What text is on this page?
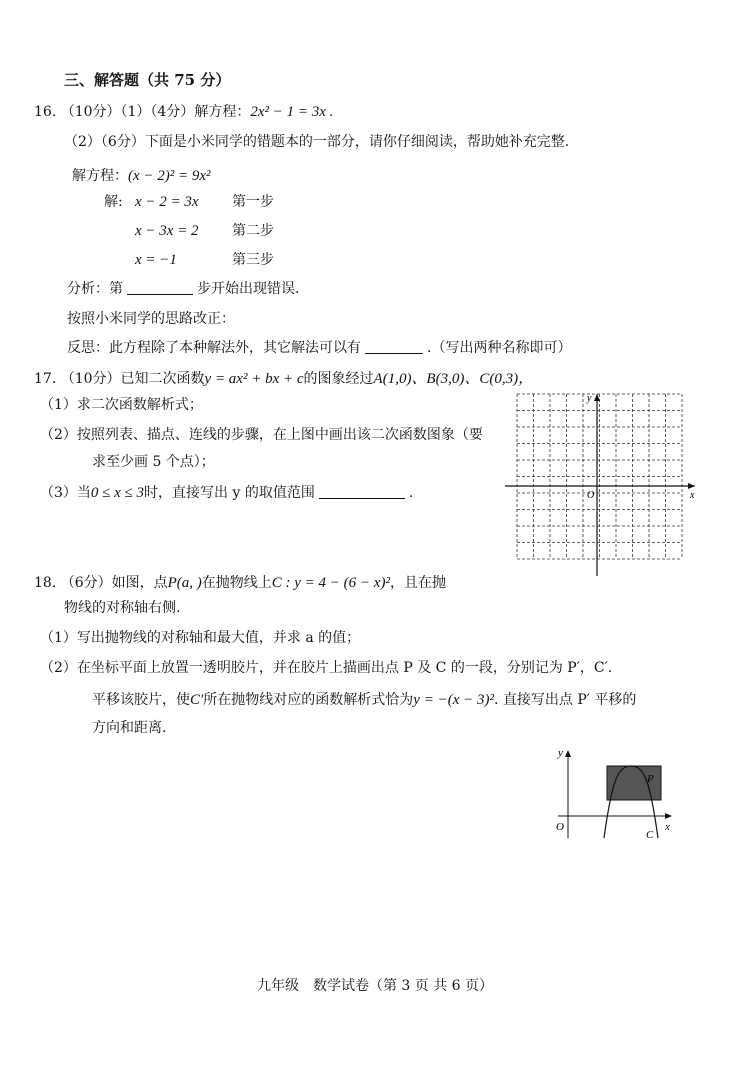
三、解答题（共 75 分）
16. （10分）（1）（4分）解方程：2x² − 1 = 3x .
（2）（6分）下面是小米同学的错题本的一部分，请你仔细阅读，帮助她补充完整.
解方程：(x − 2)² = 9x²
解: x − 2 = 3x 第一步
x − 3x = 2 第二步
x = −1	第三步
分析：第	步开始出现错误.
按照小米同学的思路改正：
反思：此方程除了本种解法外，其它解法可以有	.（写出两种名称即可）
17. （10分）已知二次函数y = ax² + bx + c的图象经过A(1,0)、B(3,0)、C(0,3)，
（1）求二次函数解析式；
（2）按照列表、描点、连线的步骤，在上图中画出该二次函数图象（要
求至少画 5 个点）；
（3）当0 ≤ x ≤ 3时，直接写出 y 的取值范围	.	x
y
O
18. （6分）如图，点P(a, )在抛物线上C : y = 4 − (6 − x)²，且在抛
物线的对称轴右侧.
（1）写出抛物线的对称轴和最大值，并求 a 的值；
（2）在坐标平面上放置一透明胶片，并在胶片上描画出点 P 及 C 的一段，分别记为 P′，C′.
平移该胶片，使C′所在抛物线对应的函数解析式恰为y = −(x − 3)². 直接写出点 P′ 平移的
方向和距离.
y
x
O
P
C
九年级　数学试卷（第 3 页 共 6 页）
